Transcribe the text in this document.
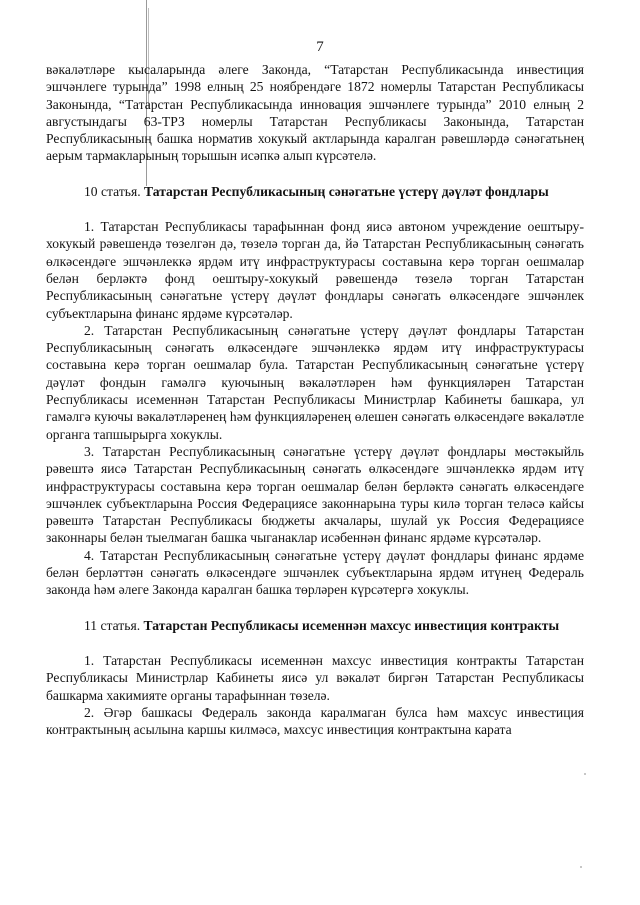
7

вәкаләтләре кысаларында әлеге Законда, “Татарстан Республикасында инвестиция эшчәнлеге турында” 1998 елның 25 ноябрендәге 1872 номерлы Татарстан Республикасы Законында, “Татарстан Республикасында инновация эшчәнлеге турында” 2010 елның 2 августындагы 63-ТРЗ номерлы Татарстан Республикасы Законында, Татарстан Республикасының башка норматив хокукый актларында каралган рәвешләрдә сәнәгатьнең аерым тармакларының торышын исәпкә алып күрсәтелә.

10 статья. Татарстан Республикасының сәнәгатьне үстерү дәүләт фондлары

1. Татарстан Республикасы тарафыннан фонд яисә автоном учреждение оештыру-хокукый рәвешендә төзелгән дә, төзелә торган да, йә Татарстан Республикасының сәнәгать өлкәсендәге эшчәнлеккә ярдәм итү инфраструктурасы составына керә торган оешмалар белән берләктә фонд оештыру-хокукый рәвешендә төзелә торган Татарстан Республикасының сәнәгатьне үстерү дәүләт фондлары сәнәгать өлкәсендәге эшчәнлек субъектларына финанс ярдәме күрсәтәләр.

2. Татарстан Республикасының сәнәгатьне үстерү дәүләт фондлары Татарстан Республикасының сәнәгать өлкәсендәге эшчәнлеккә ярдәм итү инфраструктурасы составына керә торган оешмалар була. Татарстан Республикасының сәнәгатьне үстерү дәүләт фондын гамәлгә куючының вәкаләтләрен һәм функцияләрен Татарстан Республикасы исеменнән Татарстан Республикасы Министрлар Кабинеты башкара, ул гамәлгә куючы вәкаләтләренең һәм функцияләренең өлешен сәнәгать өлкәсендәге вәкаләтле органга тапшырырга хокуклы.

3. Татарстан Республикасының сәнәгатьне үстерү дәүләт фондлары мөстәкыйль рәвештә яисә Татарстан Республикасының сәнәгать өлкәсендәге эшчәнлеккә ярдәм итү инфраструктурасы составына керә торган оешмалар белән берләктә сәнәгать өлкәсендәге эшчәнлек субъектларына Россия Федерациясе законнарына туры килә торган теләсә кайсы рәвештә Татарстан Республикасы бюджеты акчалары, шулай ук Россия Федерациясе законнары белән тыелмаган башка чыганаклар исәбеннән финанс ярдәме күрсәтәләр.

4. Татарстан Республикасының сәнәгатьне үстерү дәүләт фондлары финанс ярдәме белән берләттән сәнәгать өлкәсендәге эшчәнлек субъектларына ярдәм итүнең Федераль законда һәм әлеге Законда каралган башка төрләрен күрсәтергә хокуклы.

11 статья. Татарстан Республикасы исеменнән махсус инвестиция контракты

1. Татарстан Республикасы исеменнән махсус инвестиция контракты Татарстан Республикасы Министрлар Кабинеты яисә ул вәкаләт биргән Татарстан Республикасы башкарма хакимияте органы тарафыннан төзелә.

2. Әгәр башкасы Федераль законда каралмаган булса һәм махсус инвестиция контрактының асылына каршы килмәсә, махсус инвестиция контрактына карата
